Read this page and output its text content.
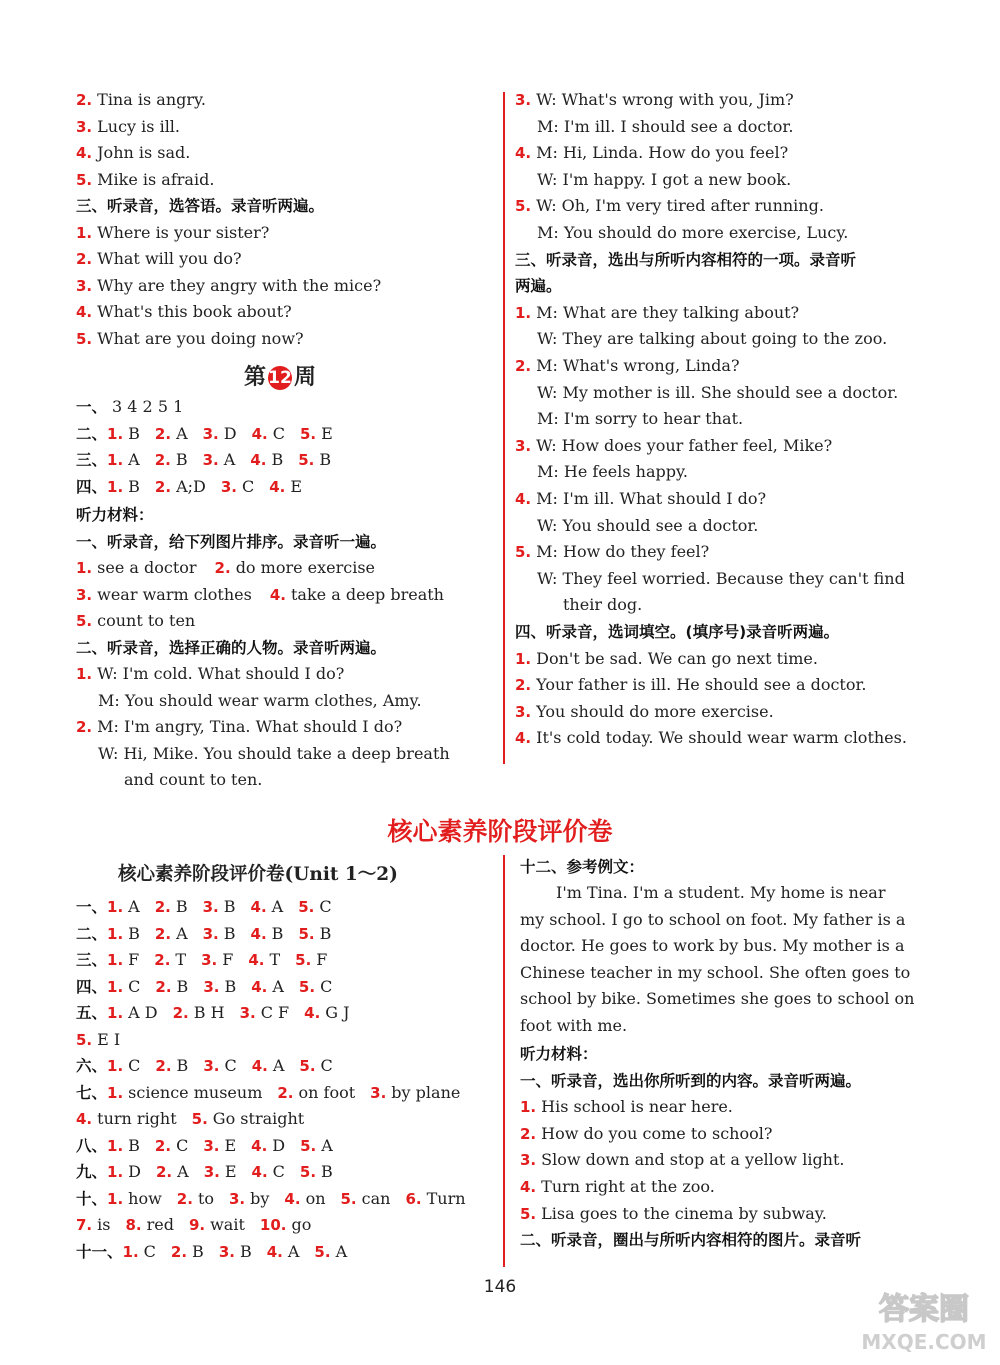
2. Tina is angry.
3. Lucy is ill.
4. John is sad.
5. Mike is afraid.
三、听录音，选答语。录音听两遍。
1. Where is your sister?
2. What will you do?
3. Why are they angry with the mice?
4. What's this book about?
5. What are you doing now?
第 12周
一、 3 4 2 5 1
二、1. B 2. A 3. D 4. C 5. E
三、1. A 2. B 3. A 4. B 5. B
四、1. B 2. A;D 3. C 4. E
听力材料：
一、听录音，给下列图片排序。录音听一遍。
1. see a doctor 2. do more exercise
3. wear warm clothes 4. take a deep breath
5. count to ten
二、听录音，选择正确的人物。录音听两遍。
1. W: I'm cold. What should I do?
M: You should wear warm clothes, Amy.
2. M: I'm angry, Tina. What should I do?
W: Hi, Mike. You should take a deep breath
and count to ten.
3. W: What's wrong with you, Jim?
M: I'm ill. I should see a doctor.
4. M: Hi, Linda. How do you feel?
W: I'm happy. I got a new book.
5. W: Oh, I'm very tired after running.
M: You should do more exercise, Lucy.
三、听录音，选出与所听内容相符的一项。录音听
两遍。
1. M: What are they talking about?
W: They are talking about going to the zoo.
2. M: What's wrong, Linda?
W: My mother is ill. She should see a doctor.
M: I'm sorry to hear that.
3. W: How does your father feel, Mike?
M: He feels happy.
4. M: I'm ill. What should I do?
W: You should see a doctor.
5. M: How do they feel?
W: They feel worried. Because they can't find
their dog.
四、听录音，选词填空。(填序号)录音听两遍。
1. Don't be sad. We can go next time.
2. Your father is ill. He should see a doctor.
3. You should do more exercise.
4. It's cold today. We should wear warm clothes.
核心素养阶段评价卷
核心素养阶段评价卷(Unit 1～2)
一、1. A 2. B 3. B 4. A 5. C
二、1. B 2. A 3. B 4. B 5. B
三、1. F 2. T 3. F 4. T 5. F
四、1. C 2. B 3. B 4. A 5. C
五、1. A D 2. B H 3. C F 4. G J
5. E I
六、1. C 2. B 3. C 4. A 5. C
七、1. science museum 2. on foot 3. by plane
4. turn right 5. Go straight
八、1. B 2. C 3. E 4. D 5. A
九、1. D 2. A 3. E 4. C 5. B
十、1. how 2. to 3. by 4. on 5. can 6. Turn
7. is 8. red 9. wait 10. go
十一、1. C 2. B 3. B 4. A 5. A
十二、参考例文：
I'm Tina. I'm a student. My home is near
my school. I go to school on foot. My father is a
doctor. He goes to work by bus. My mother is a
Chinese teacher in my school. She often goes to
school by bike. Sometimes she goes to school on
foot with me.
听力材料：
一、听录音，选出你所听到的内容。录音听两遍。
1. His school is near here.
2. How do you come to school?
3. Slow down and stop at a yellow light.
4. Turn right at the zoo.
5. Lisa goes to the cinema by subway.
二、听录音，圈出与所听内容相符的图片。录音听
146
答案圈
MXQE.COM
